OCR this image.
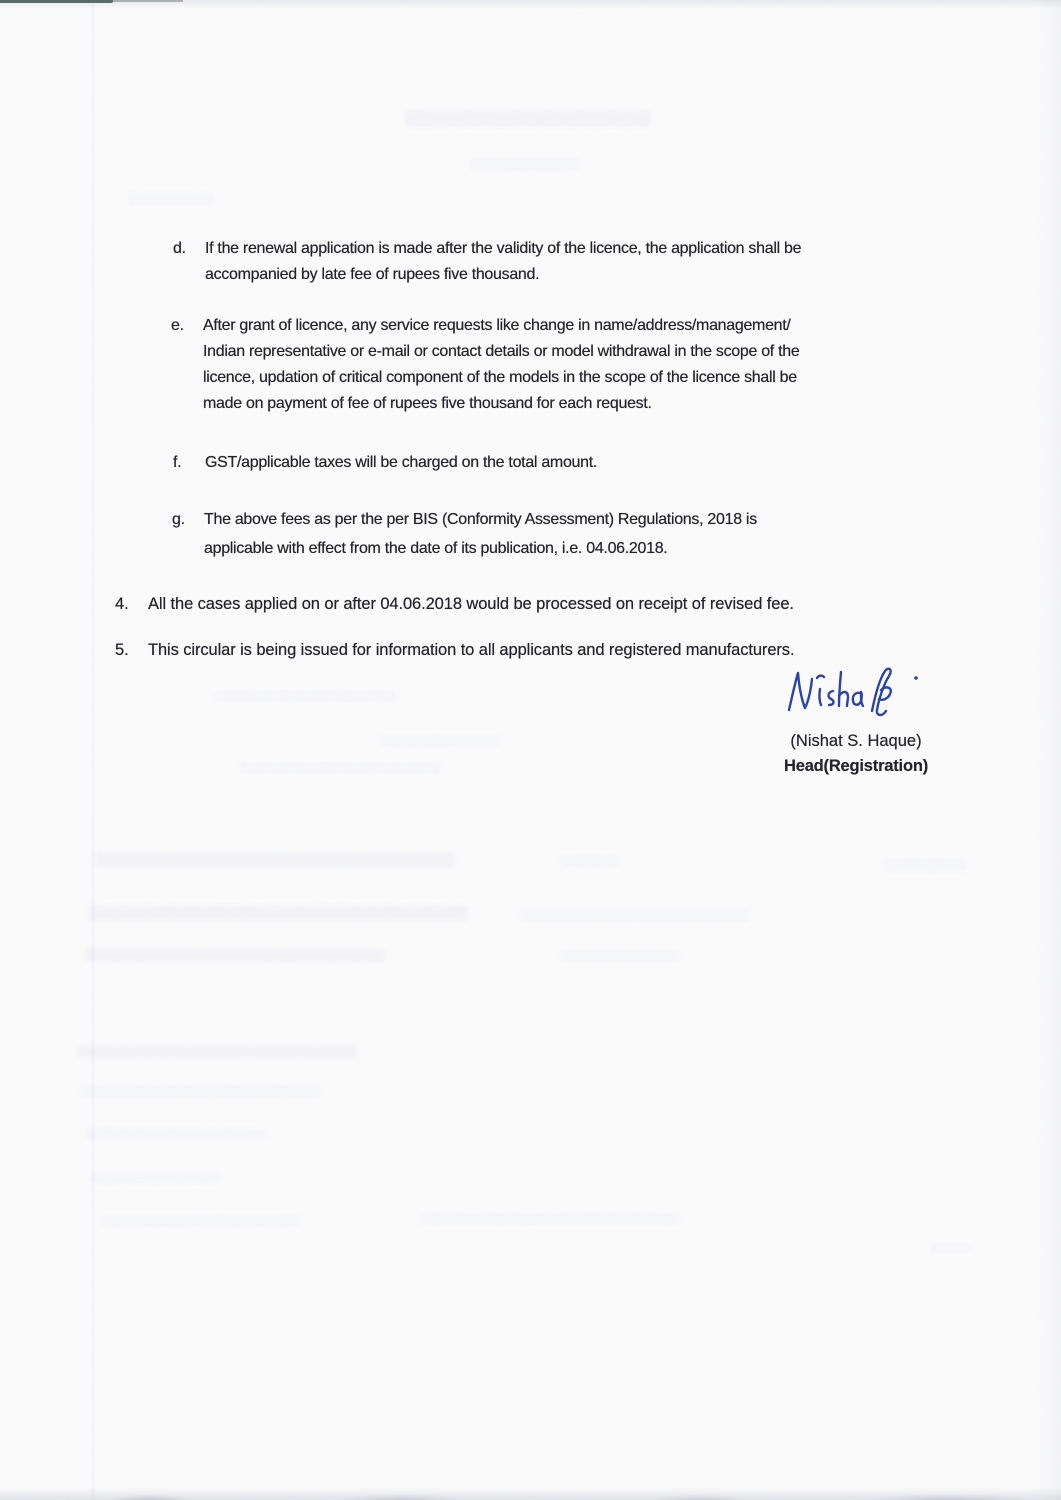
d. If the renewal application is made after the validity of the licence, the application shall be
accompanied by late fee of rupees five thousand.
e. After grant of licence, any service requests like change in name/address/management/
Indian representative or e-mail or contact details or model withdrawal in the scope of the
licence, updation of critical component of the models in the scope of the licence shall be
made on payment of fee of rupees five thousand for each request.
f. GST/applicable taxes will be charged on the total amount.
g. The above fees as per the per BIS (Conformity Assessment) Regulations, 2018 is
applicable with effect from the date of its publication, i.e. 04.06.2018.
4. All the cases applied on or after 04.06.2018 would be processed on receipt of revised fee.
5. This circular is being issued for information to all applicants and registered manufacturers.
(Nishat S. Haque)
Head(Registration)
